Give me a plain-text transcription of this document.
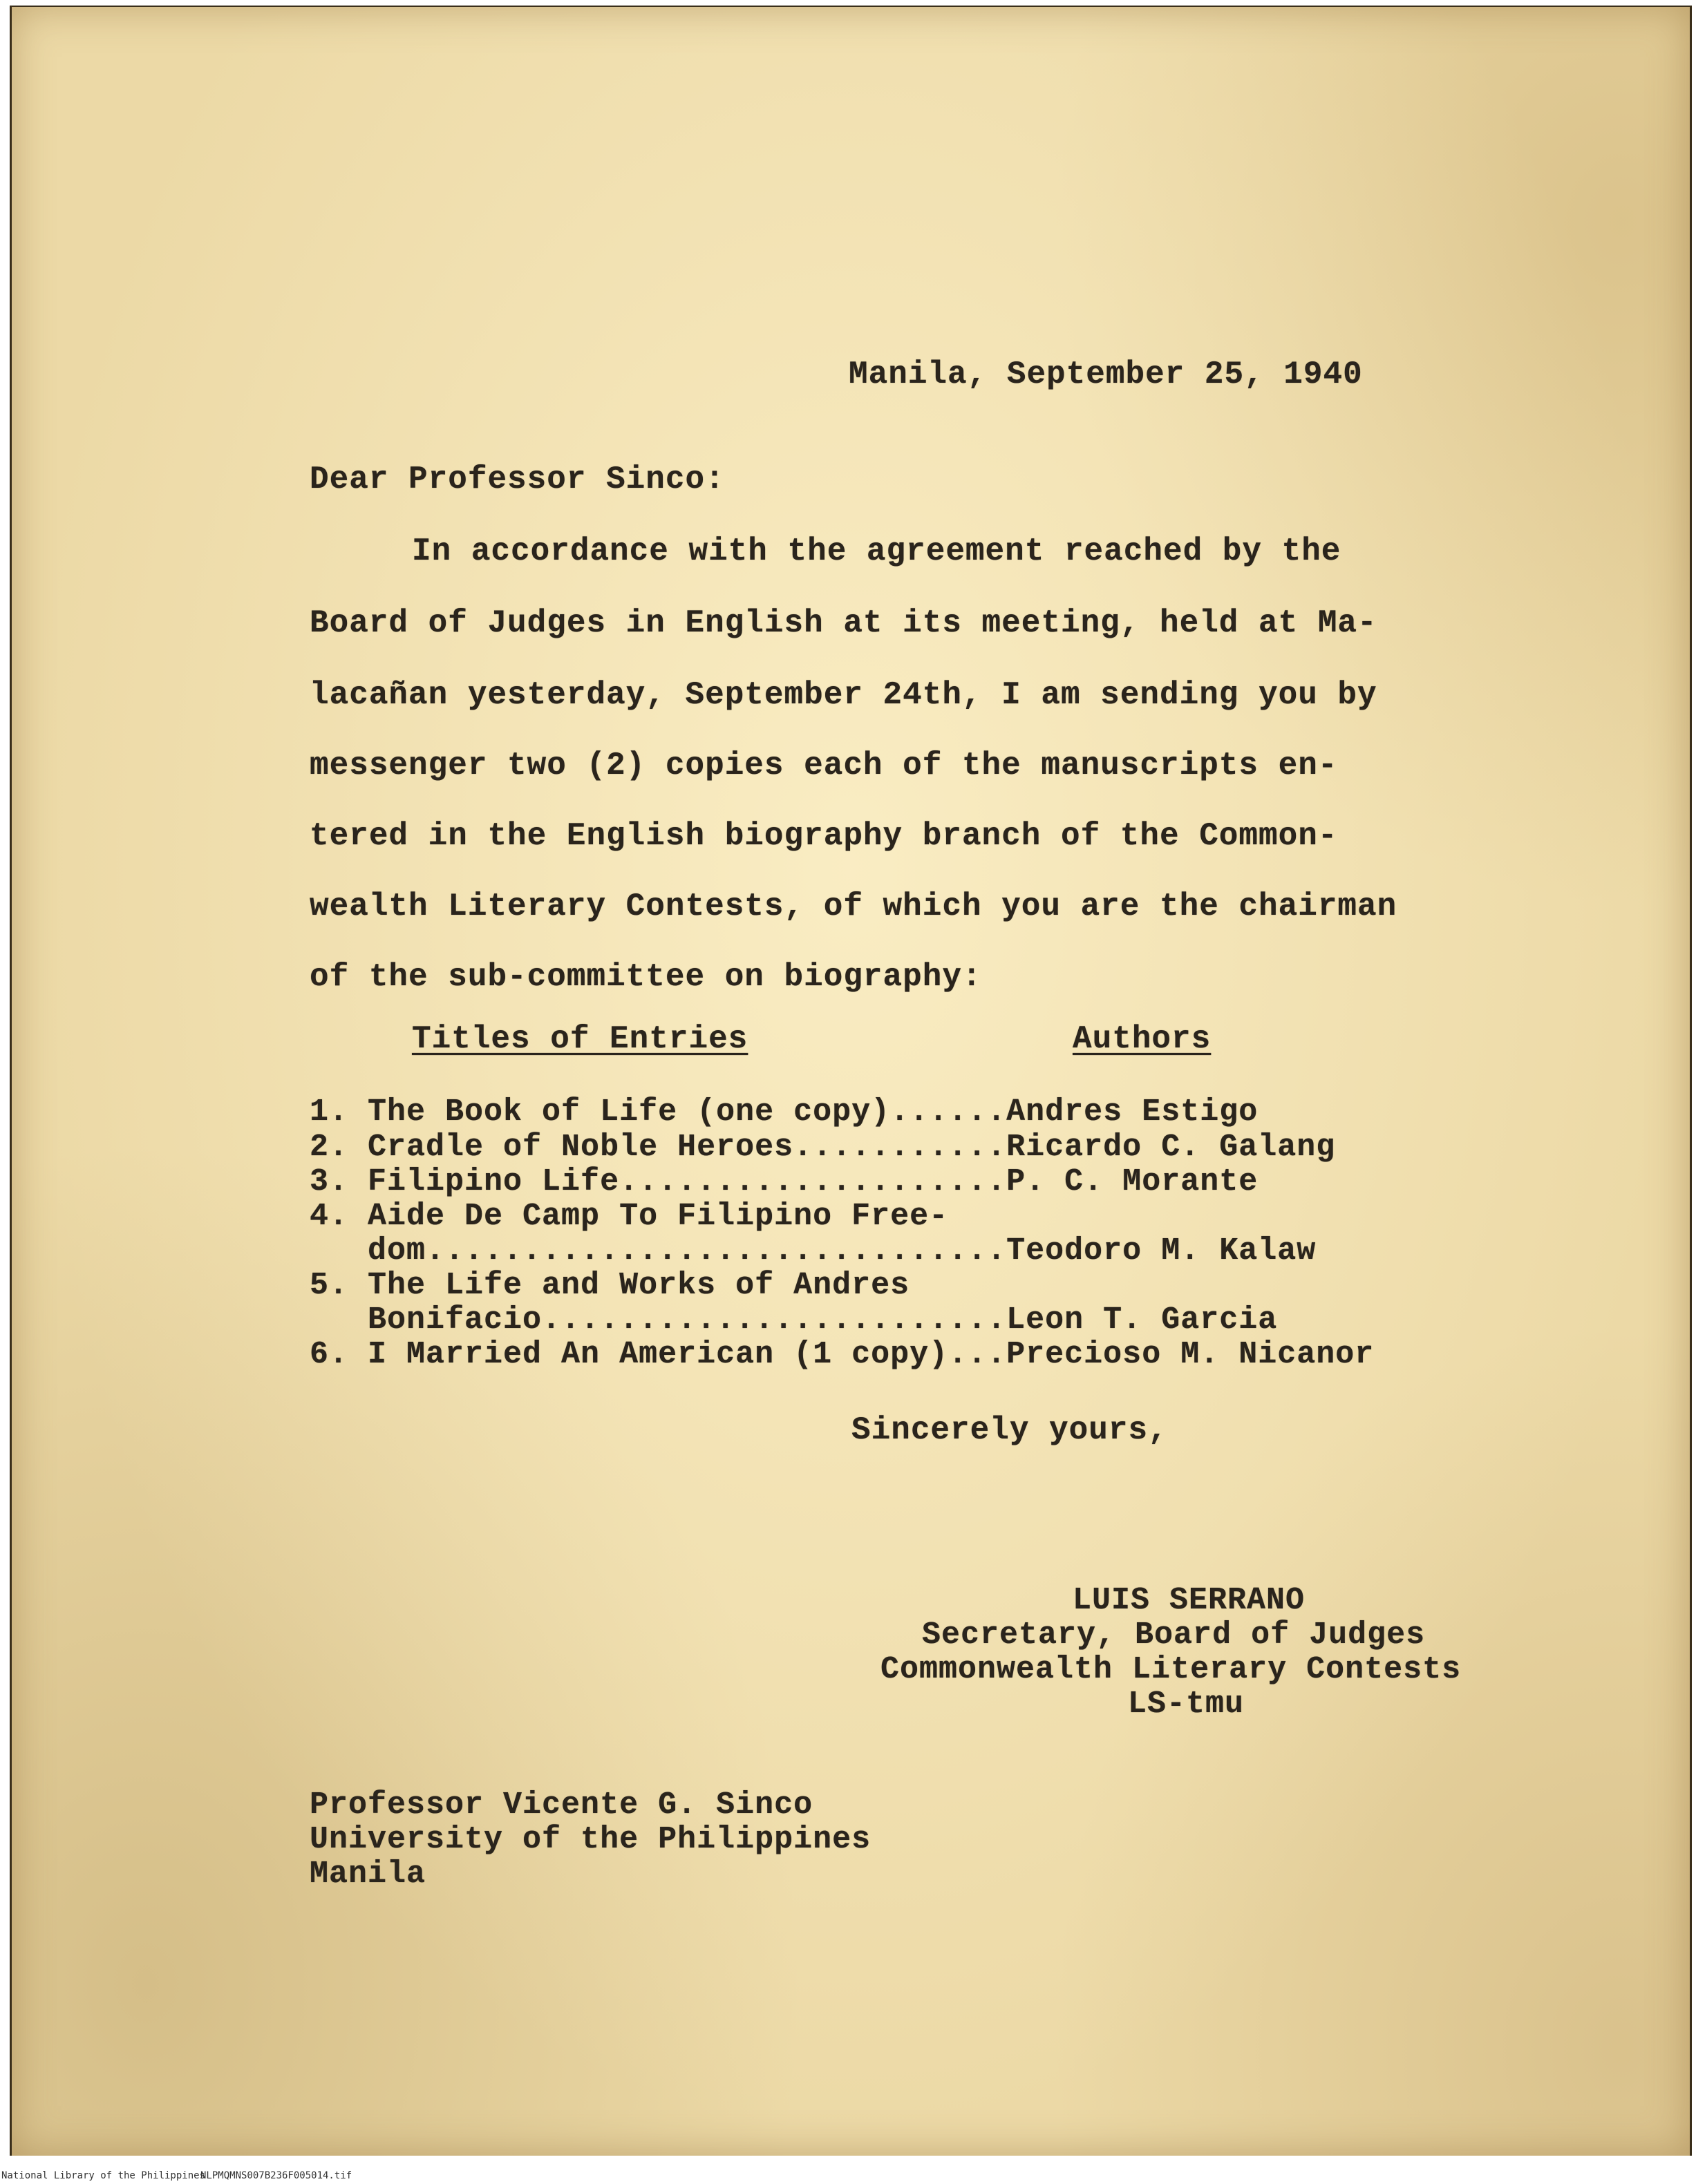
Manila, September 25, 1940
Dear Professor Sinco:
In accordance with the agreement reached by the
Board of Judges in English at its meeting, held at Ma-
lacañan yesterday, September 24th, I am sending you by
messenger two (2) copies each of the manuscripts en-
tered in the English biography branch of the Common-
wealth Literary Contests, of which you are the chairman
of the sub-committee on biography:
Titles of Entries	Authors
1. The Book of Life (one copy)......Andres Estigo
2. Cradle of Noble Heroes...........Ricardo C. Galang
3. Filipino Life....................P. C. Morante
4. Aide De Camp To Filipino Free-
dom..............................Teodoro M. Kalaw
5. The Life and Works of Andres
Bonifacio........................Leon T. Garcia
6. I Married An American (1 copy)...Precioso M. Nicanor
Sincerely yours,
LUIS SERRANO
Secretary, Board of Judges
Commonwealth Literary Contests
LS-tmu
Professor Vicente G. Sinco
University of the Philippines
Manila
National Library of the Philippines
NLPMQMNS007B236F005014.tif
